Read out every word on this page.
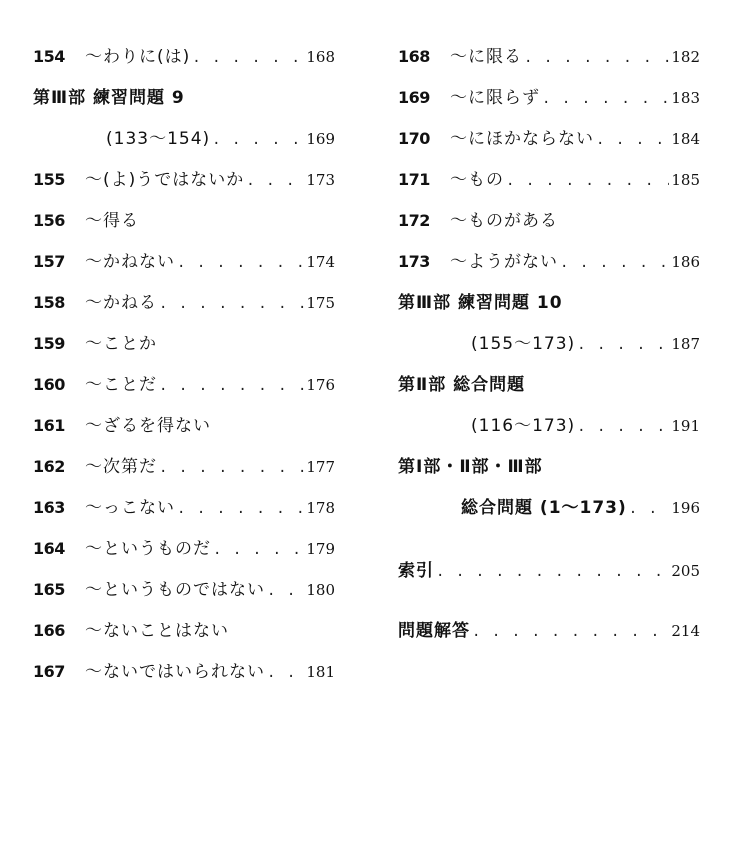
154	〜わりに(は) . . .	168
第Ⅲ部 練習問題 9
(133〜154) . . .	169
155	〜(よ)うではないか . . .	173
156	〜得る
157	〜かねない . . .	174
158	〜かねる . . .	175
159	〜ことか
160	〜ことだ . . .	176
161	〜ざるを得ない
162	〜次第だ . . .	177
163	〜っこない . . .	178
164	〜というものだ . . .	179
165	〜というものではない . . .	180
166	〜ないことはない
167	〜ないではいられない . . .	181
168	〜に限る . . .	182
169	〜に限らず . . .	183
170	〜にほかならない . . .	184
171	〜もの . . .	185
172	〜ものがある
173	〜ようがない . . .	186
第Ⅲ部 練習問題 10
(155〜173) . . .	187
第Ⅱ部 総合問題
(116〜173) . . .	191
第Ⅰ部・Ⅱ部・Ⅲ部
総合問題 (1〜173) . . .	196
索引 . . .	205
問題解答 . . .	214
